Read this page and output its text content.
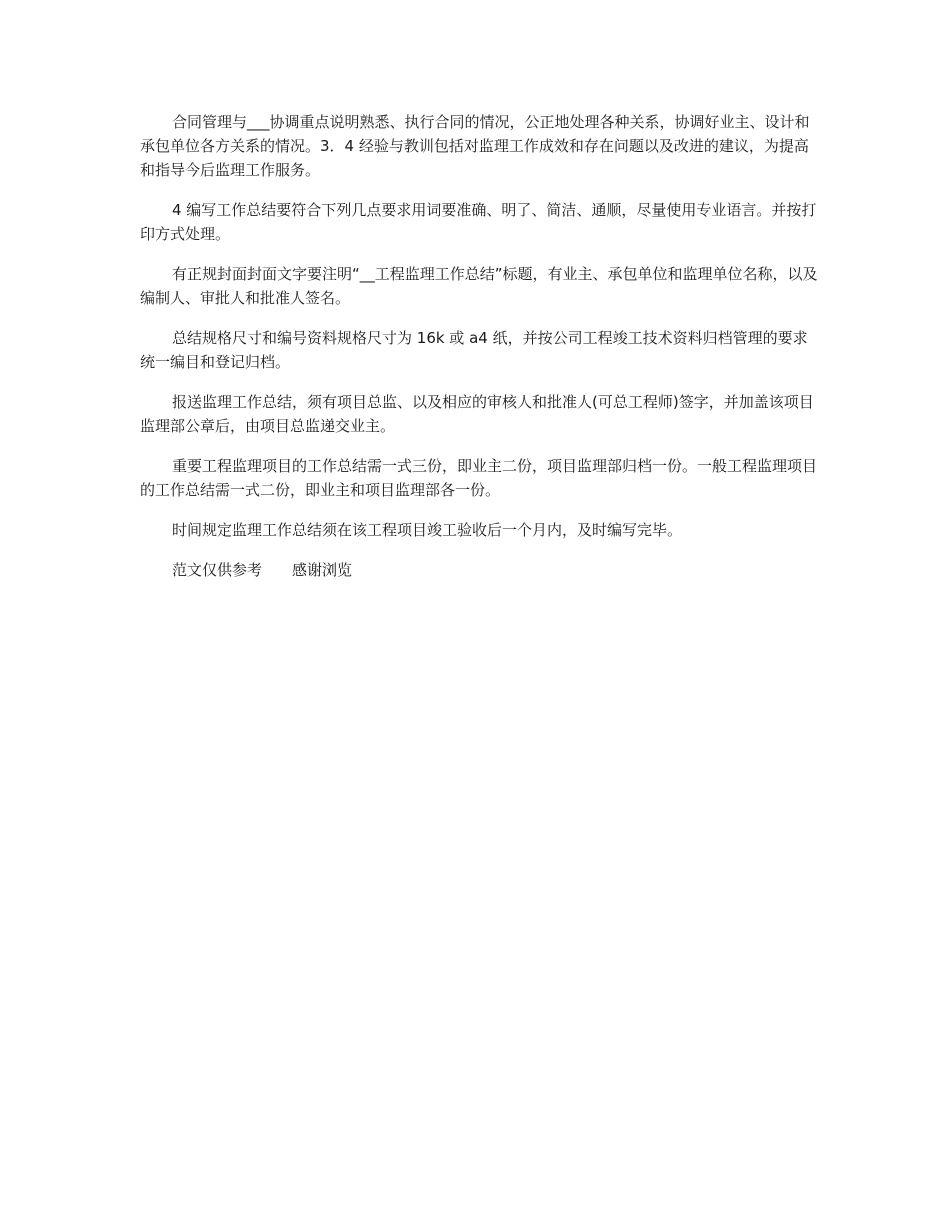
合同管理与___协调重点说明熟悉、执行合同的情况，公正地处理各种关系，协调好业主、设计和承包单位各方关系的情况。3．4 经验与教训包括对监理工作成效和存在问题以及改进的建议，为提高和指导今后监理工作服务。

4 编写工作总结要符合下列几点要求用词要准确、明了、简洁、通顺，尽量使用专业语言。并按打印方式处理。

有正规封面封面文字要注明“__工程监理工作总结”标题，有业主、承包单位和监理单位名称，以及编制人、审批人和批准人签名。

总结规格尺寸和编号资料规格尺寸为 16k 或 a4 纸，并按公司工程竣工技术资料归档管理的要求统一编目和登记归档。

报送监理工作总结，须有项目总监、以及相应的审核人和批准人(可总工程师)签字，并加盖该项目监理部公章后，由项目总监递交业主。

重要工程监理项目的工作总结需一式三份，即业主二份，项目监理部归档一份。一般工程监理项目的工作总结需一式二份，即业主和项目监理部各一份。

时间规定监理工作总结须在该工程项目竣工验收后一个月内，及时编写完毕。

范文仅供参考　　感谢浏览
